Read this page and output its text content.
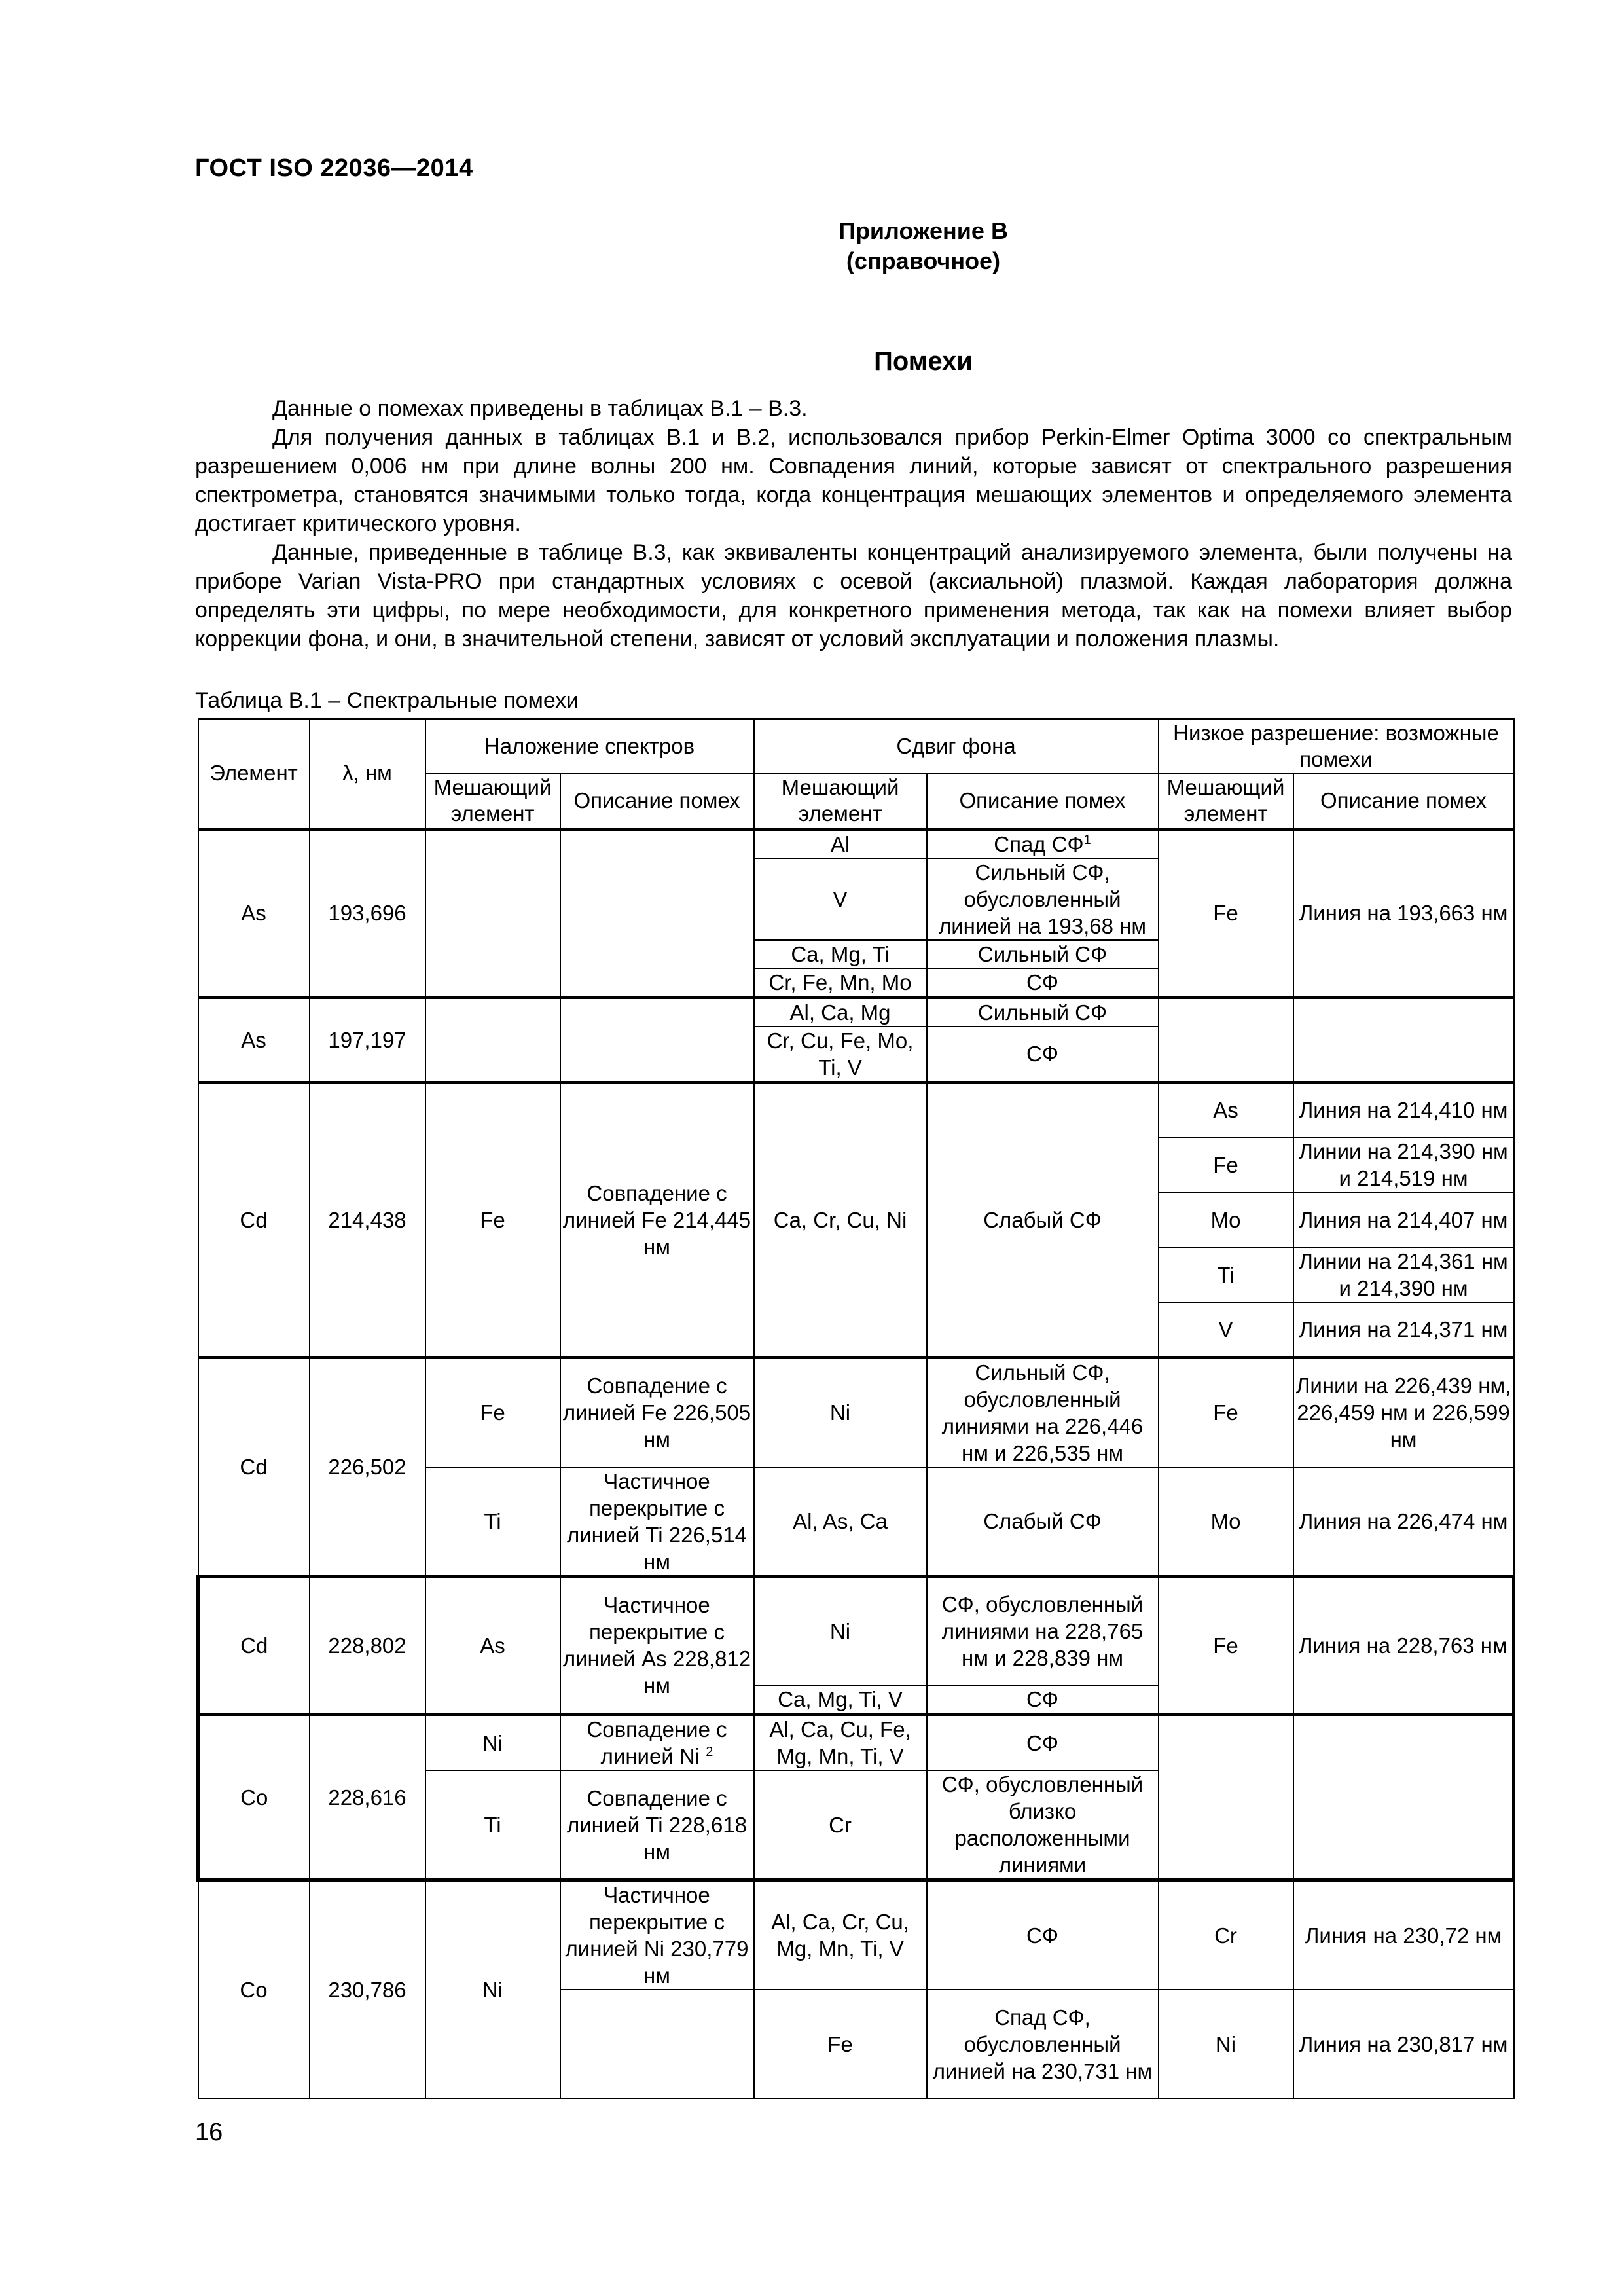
ГОСТ ISO 22036—2014
Приложение В
(справочное)
Помехи

Данные о помехах приведены в таблицах В.1 – В.3.

Для получения данных в таблицах В.1 и В.2, использовался прибор Perkin-Elmer Optima 3000 со спектральным разрешением 0,006 нм при длине волны 200 нм. Совпадения линий, которые зависят от спектрального разрешения спектрометра, становятся значимыми только тогда, когда концентрация мешающих элементов и определяемого элемента достигает критического уровня.

Данные, приведенные в таблице В.3, как эквиваленты концентраций анализируемого элемента, были получены на приборе Varian Vista-PRO при стандартных условиях с осевой (аксиальной) плазмой. Каждая лаборатория должна определять эти цифры, по мере необходимости, для конкретного применения метода, так как на помехи влияет выбор коррекции фона, и они, в значительной степени, зависят от условий эксплуатации и положения плазмы.

Таблица В.1 – Спектральные помехи
Элемент	λ, нм	Наложение спектров		Сдвиг фона		Низкое разрешение: возможные помехи	
		Мешающий элемент	Описание помех	Мешающий элемент	Описание помех	Мешающий элемент	Описание помех
As	193,696			Al	Спад $СФ^1$	Fe	Линия на 193,663 нм
				V	Сильный СФ, обусловленный линией на 193,68 нм		
				Ca, Mg, Ti	Сильный СФ		
				Cr, Fe, Mn, Mo	СФ		
As	197,197			Al, Ca, Mg	Сильный СФ		
				Cr, Cu, Fe, Mo, Ti, V	СФ		
Cd	214,438	Fe	Совпадение с линией Fe 214,445 нм	Ca, Cr, Cu, Ni	Слабый СФ	As	Линия на 214,410 нм
						Fe	Линии на 214,390 нм и 214,519 нм
						Mo	Линия на 214,407 нм
						Ti	Линии на 214,361 нм и 214,390 нм
						V	Линия на 214,371 нм
Cd	226,502	Fe	Совпадение с линией Fe 226,505 нм	Ni	Сильный СФ, обусловленный линиями на 226,446 нм и 226,535 нм	Fe	Линии на 226,439 нм, 226,459 нм и 226,599 нм
		Ti	Частичное перекрытие с линией Ti 226,514 нм	Al, As, Ca	Слабый СФ	Mo	Линия на 226,474 нм
Cd	228,802	As	Частичное перекрытие с линией As 228,812 нм	Ni	СФ, обусловленный линиями на 228,765 нм и 228,839 нм	Fe	Линия на 228,763 нм
				Ca, Mg, Ti, V	СФ		
Co	228,616	Ni	Совпадение с линией Ni $^2$	Al, Ca, Cu, Fe, Mg, Mn, Ti, V	СФ		
		Ti	Совпадение с линией Ti 228,618 нм	Cr	СФ, обусловленный близко расположенными линиями		
Co	230,786	Ni	Частичное перекрытие с линией Ni 230,779 нм	Al, Ca, Cr, Cu, Mg, Mn, Ti, V	СФ	Cr	Линия на 230,72 нм
				Fe	Спад СФ, обусловленный линией на 230,731 нм	Ni	Линия на 230,817 нм
16
